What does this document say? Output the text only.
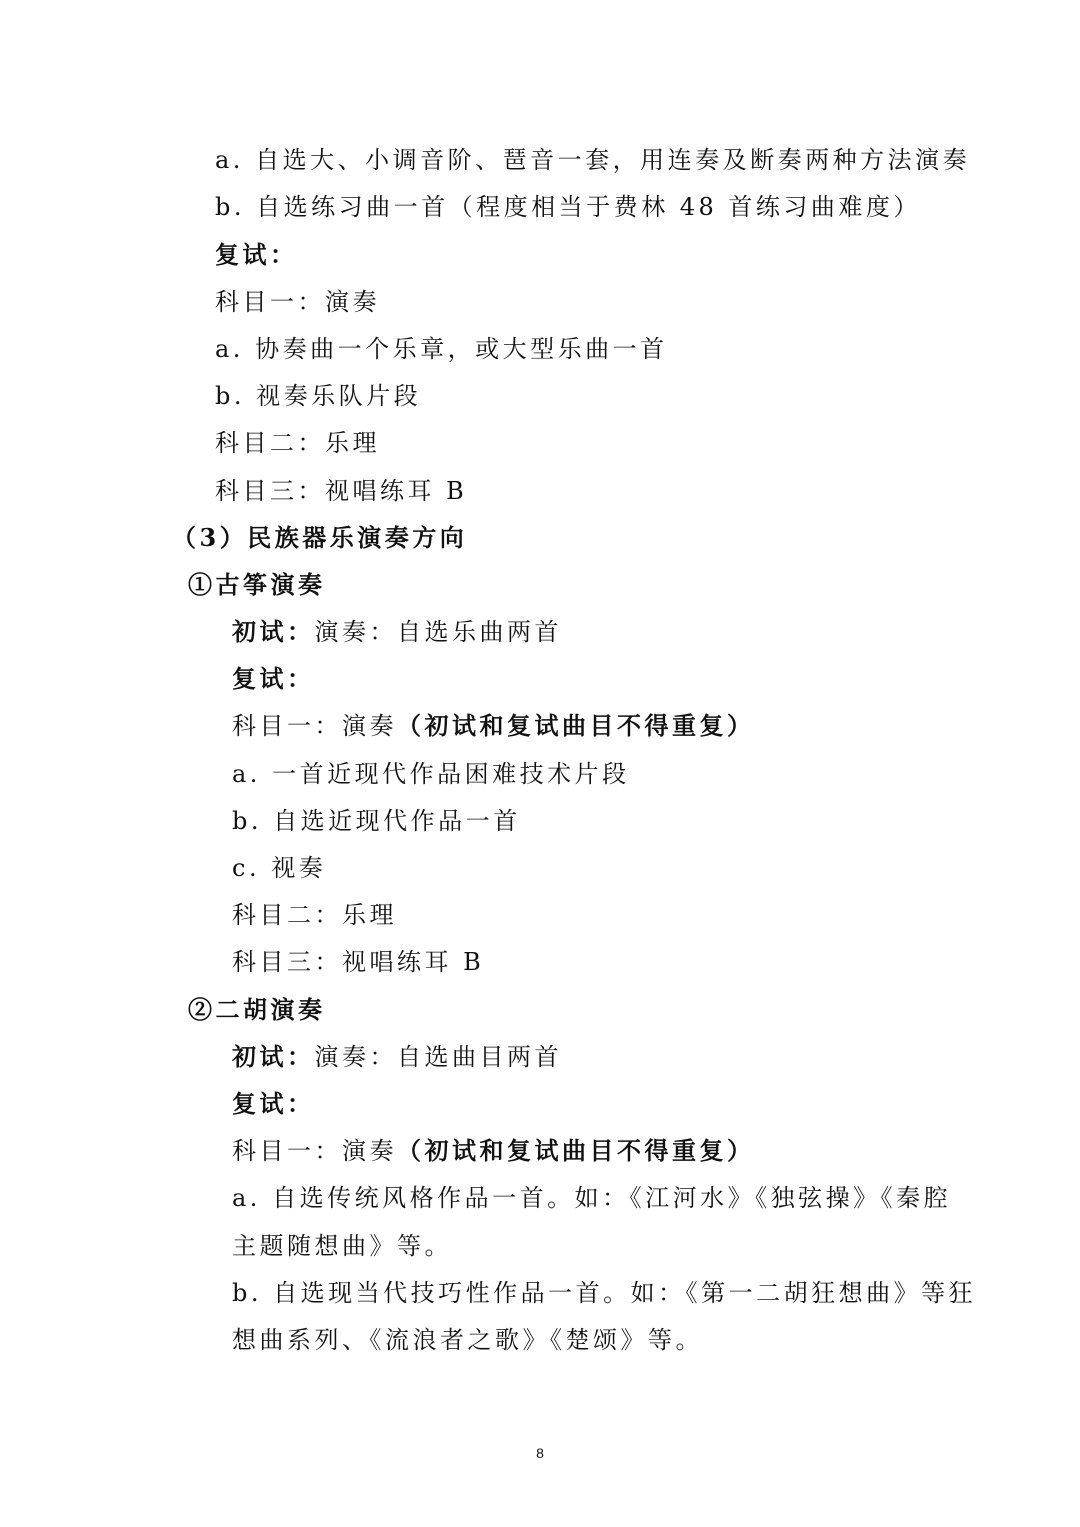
a. 自选大、小调音阶、琶音一套，用连奏及断奏两种方法演奏
b. 自选练习曲一首（程度相当于费林 48 首练习曲难度）
复试：
科目一：演奏
a. 协奏曲一个乐章，或大型乐曲一首
b. 视奏乐队片段
科目二：乐理
科目三：视唱练耳 B
（3）民族器乐演奏方向
①古筝演奏
初试：演奏：自选乐曲两首
复试：
科目一：演奏（初试和复试曲目不得重复）
a. 一首近现代作品困难技术片段
b. 自选近现代作品一首
c. 视奏
科目二：乐理
科目三：视唱练耳 B
②二胡演奏
初试：演奏：自选曲目两首
复试：
科目一：演奏（初试和复试曲目不得重复）
a. 自选传统风格作品一首。如：《江河水》《独弦操》《秦腔
主题随想曲》等。
b. 自选现当代技巧性作品一首。如：《第一二胡狂想曲》等狂
想曲系列、《流浪者之歌》《楚颂》等。
8
